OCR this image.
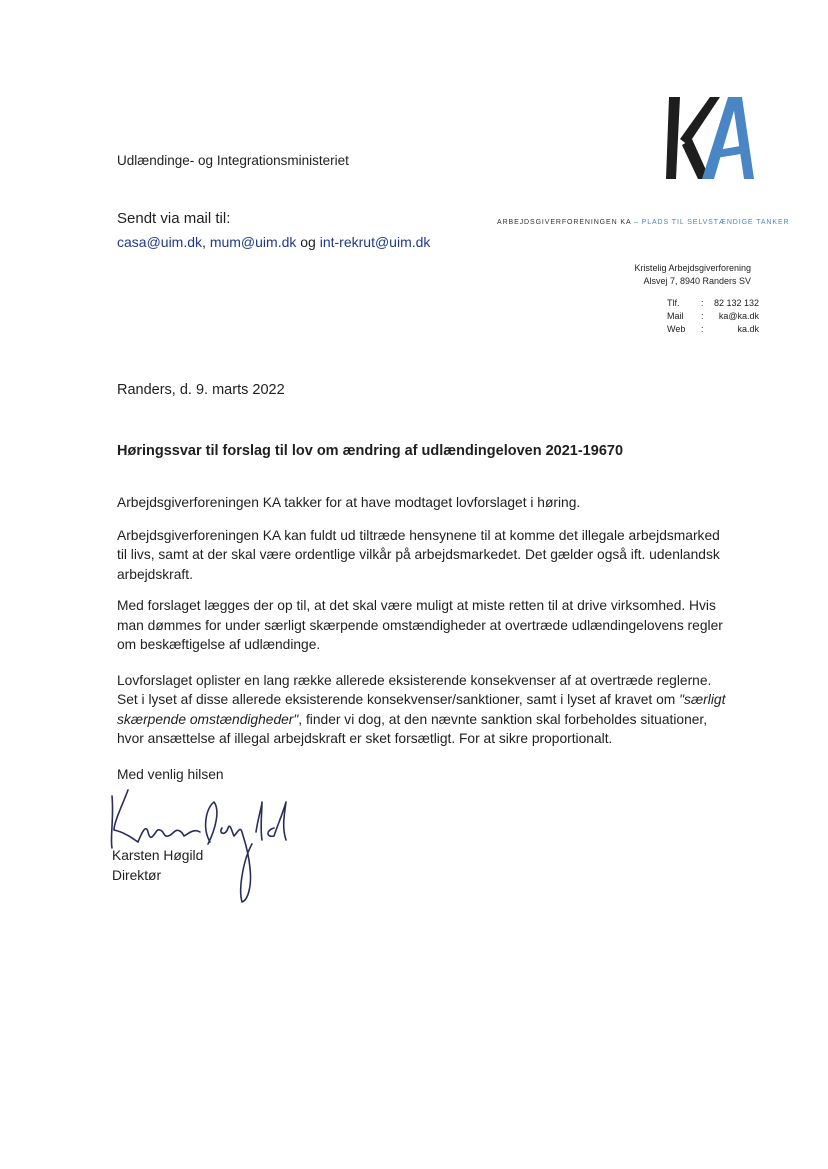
Udlændinge- og Integrationsministeriet
Sendt via mail til:
casa@uim.dk, mum@uim.dk og int-rekrut@uim.dk
ARBEJDSGIVERFORENINGEN KA – PLADS TIL SELVSTÆNDIGE TANKER
Kristelig Arbejdsgiverforening
Alsvej 7, 8940 Randers SV
Tlf.	:	82 132 132
Mail	:	ka@ka.dk
Web	:	ka.dk
Randers, d. 9. marts 2022
Høringssvar til forslag til lov om ændring af udlændingeloven 2021-19670

Arbejdsgiverforeningen KA takker for at have modtaget lovforslaget i høring.

Arbejdsgiverforeningen KA kan fuldt ud tiltræde hensynene til at komme det illegale arbejdsmarked til livs, samt at der skal være ordentlige vilkår på arbejdsmarkedet. Det gælder også ift. udenlandsk arbejdskraft.

Med forslaget lægges der op til, at det skal være muligt at miste retten til at drive virksomhed. Hvis man dømmes for under særligt skærpende omstændigheder at overtræde udlændingelovens regler om beskæftigelse af udlændinge.

Lovforslaget oplister en lang række allerede eksisterende konsekvenser af at overtræde reglerne. Set i lyset af disse allerede eksisterende konsekvenser/sanktioner, samt i lyset af kravet om "særligt skærpende omstændigheder", finder vi dog, at den nævnte sanktion skal forbeholdes situationer, hvor ansættelse af illegal arbejdskraft er sket forsætligt. For at sikre proportionalt.

Med venlig hilsen
Karsten Høgild
Direktør
